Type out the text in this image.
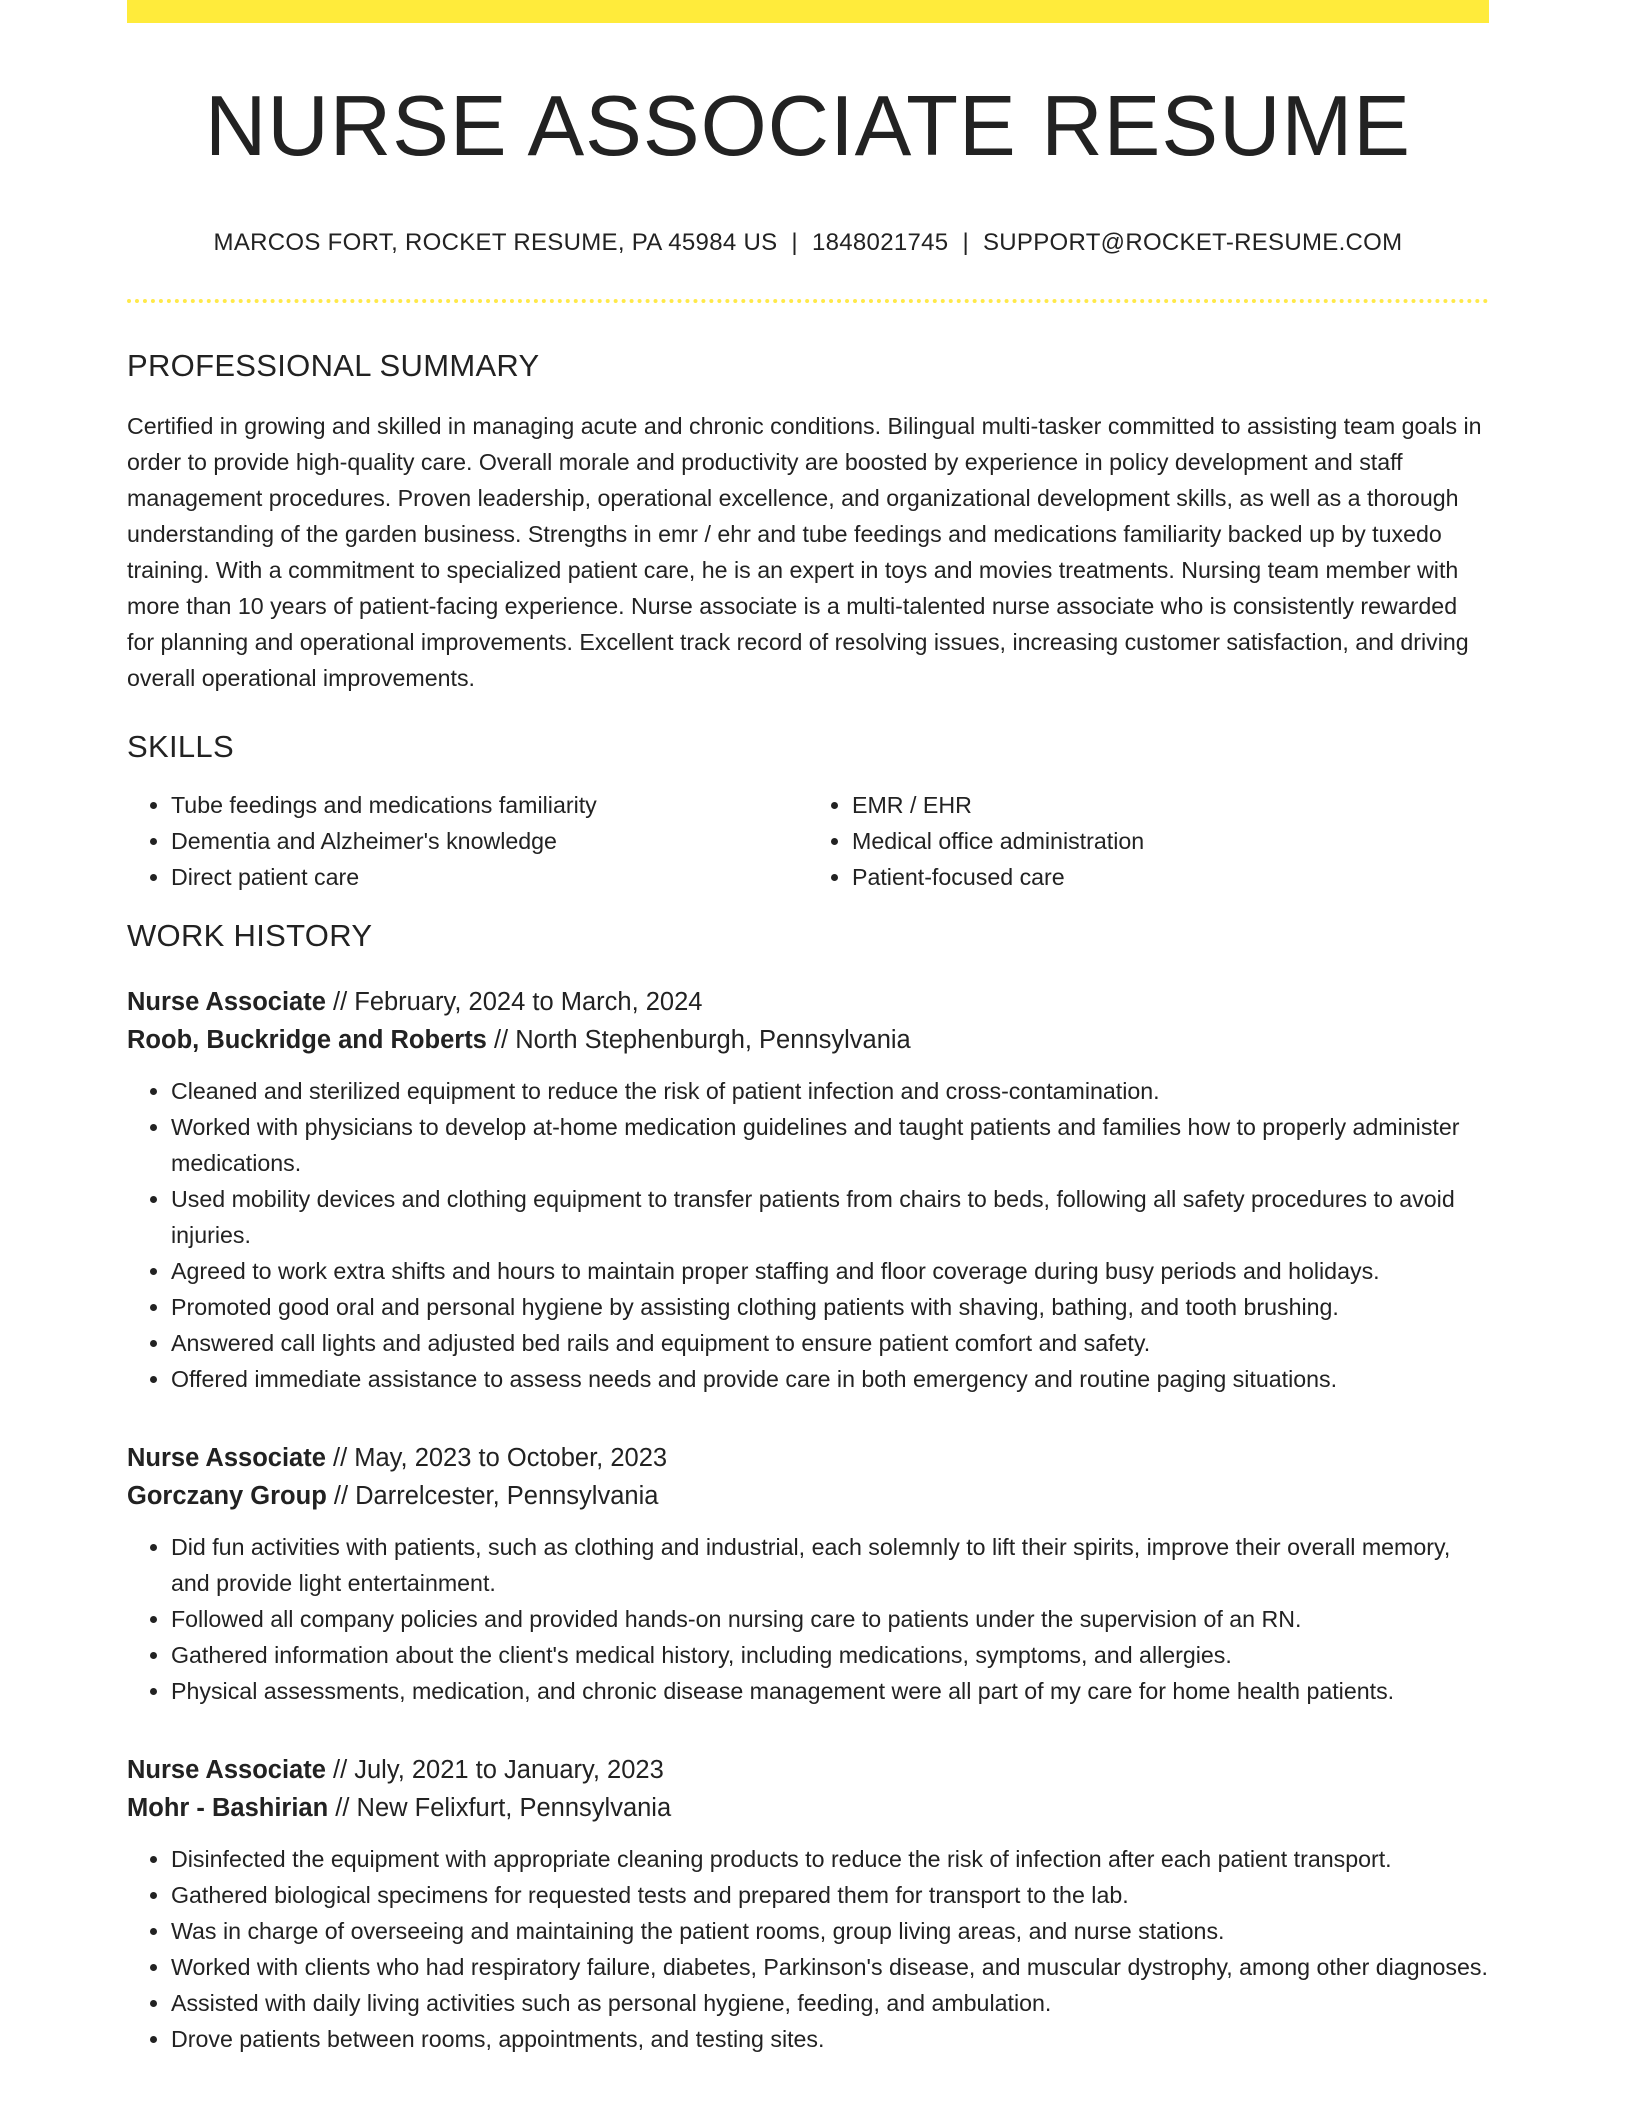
NURSE ASSOCIATE RESUME
MARCOS FORT, ROCKET RESUME, PA 45984 US | 1848021745 | SUPPORT@ROCKET-RESUME.COM
PROFESSIONAL SUMMARY

Certified in growing and skilled in managing acute and chronic conditions. Bilingual multi-tasker committed to assisting team goals in order to provide high-quality care. Overall morale and productivity are boosted by experience in policy development and staff management procedures. Proven leadership, operational excellence, and organizational development skills, as well as a thorough understanding of the garden business. Strengths in emr / ehr and tube feedings and medications familiarity backed up by tuxedo training. With a commitment to specialized patient care, he is an expert in toys and movies treatments. Nursing team member with more than 10 years of patient-facing experience. Nurse associate is a multi-talented nurse associate who is consistently rewarded for planning and operational improvements. Excellent track record of resolving issues, increasing customer satisfaction, and driving overall operational improvements.

SKILLS
• Tube feedings and medications familiarity
• Dementia and Alzheimer's knowledge
• Direct patient care
• EMR / EHR
• Medical office administration
• Patient-focused care
WORK HISTORY
Nurse Associate // February, 2024 to March, 2024
Roob, Buckridge and Roberts // North Stephenburgh, Pennsylvania
• Cleaned and sterilized equipment to reduce the risk of patient infection and cross-contamination.
• Worked with physicians to develop at-home medication guidelines and taught patients and families how to properly administer medications.
• Used mobility devices and clothing equipment to transfer patients from chairs to beds, following all safety procedures to avoid injuries.
• Agreed to work extra shifts and hours to maintain proper staffing and floor coverage during busy periods and holidays.
• Promoted good oral and personal hygiene by assisting clothing patients with shaving, bathing, and tooth brushing.
• Answered call lights and adjusted bed rails and equipment to ensure patient comfort and safety.
• Offered immediate assistance to assess needs and provide care in both emergency and routine paging situations.
Nurse Associate // May, 2023 to October, 2023
Gorczany Group // Darrelcester, Pennsylvania
• Did fun activities with patients, such as clothing and industrial, each solemnly to lift their spirits, improve their overall memory, and provide light entertainment.
• Followed all company policies and provided hands-on nursing care to patients under the supervision of an RN.
• Gathered information about the client's medical history, including medications, symptoms, and allergies.
• Physical assessments, medication, and chronic disease management were all part of my care for home health patients.
Nurse Associate // July, 2021 to January, 2023
Mohr - Bashirian // New Felixfurt, Pennsylvania
• Disinfected the equipment with appropriate cleaning products to reduce the risk of infection after each patient transport.
• Gathered biological specimens for requested tests and prepared them for transport to the lab.
• Was in charge of overseeing and maintaining the patient rooms, group living areas, and nurse stations.
• Worked with clients who had respiratory failure, diabetes, Parkinson's disease, and muscular dystrophy, among other diagnoses.
• Assisted with daily living activities such as personal hygiene, feeding, and ambulation.
• Drove patients between rooms, appointments, and testing sites.
